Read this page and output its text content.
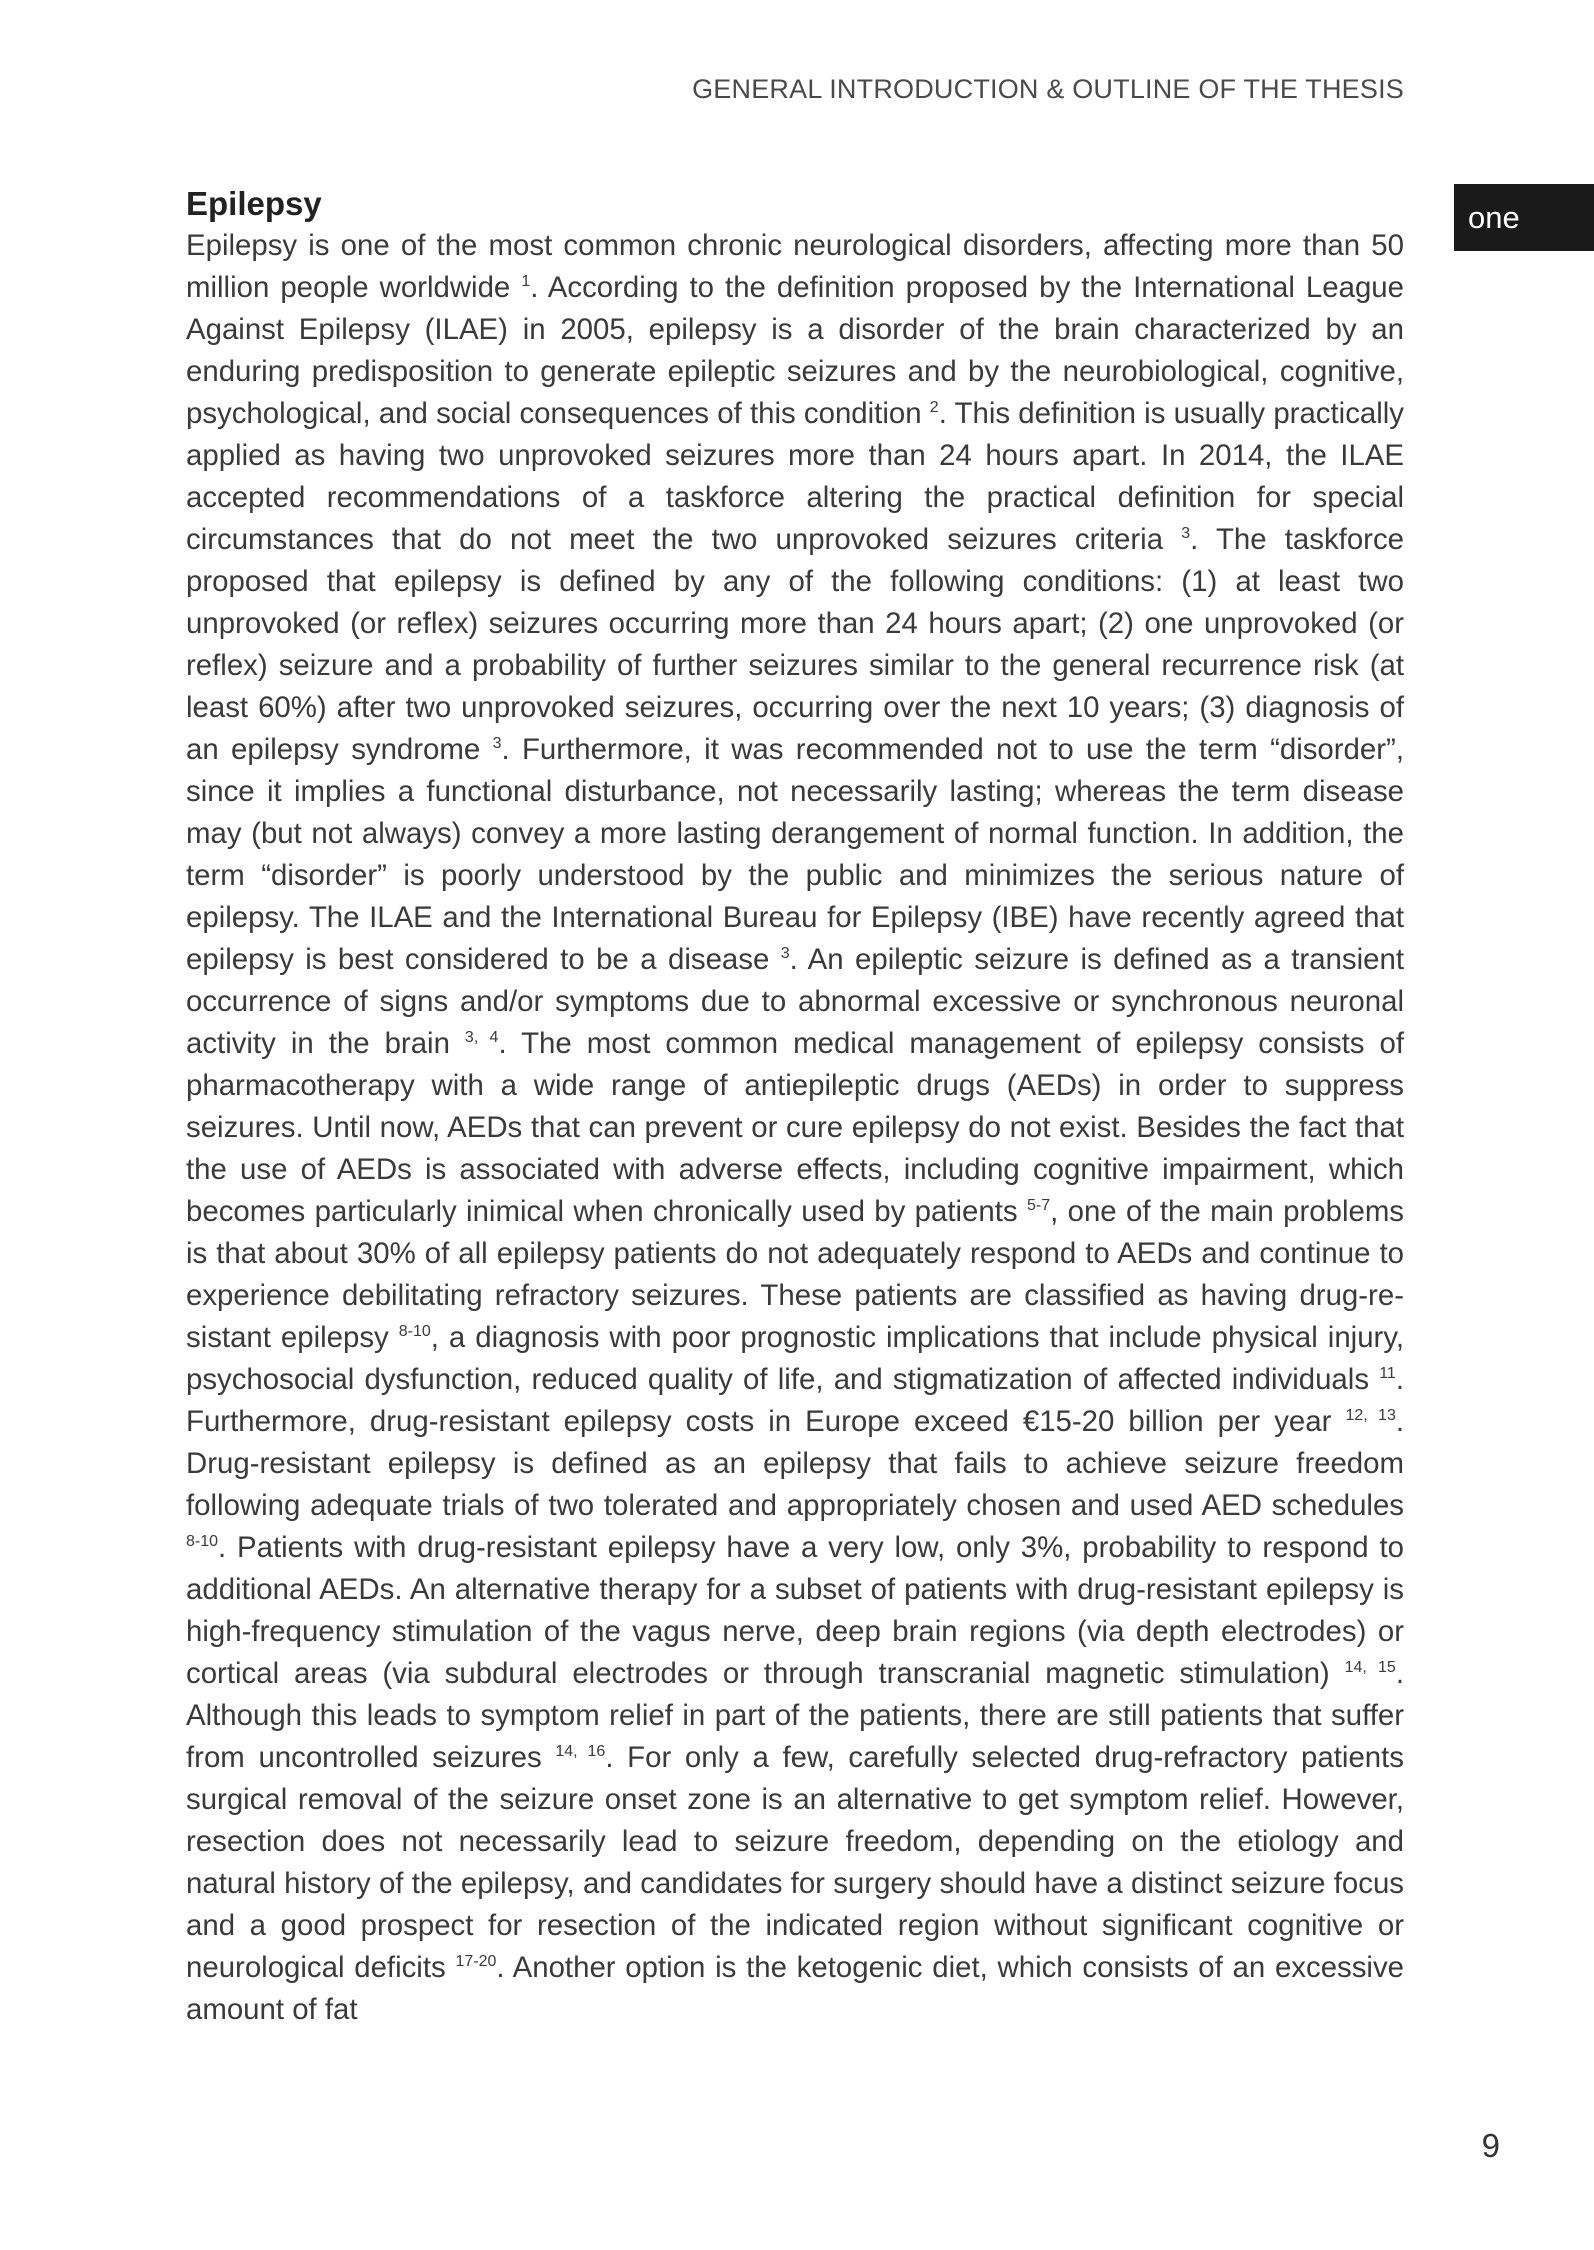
GENERAL INTRODUCTION & OUTLINE OF THE THESIS
one
Epilepsy

Epilepsy is one of the most common chronic neurological disorders, affecting more than 50 million people worldwide $^1$. According to the definition proposed by the International League Against Epilepsy (ILAE) in 2005, epilepsy is a disorder of the brain characterized by an enduring predisposition to generate epileptic seizures and by the neurobiological, cognitive, psychological, and social consequences of this condition $^2$. This definition is usually practically applied as having two unprovoked seizures more than 24 hours apart. In 2014, the ILAE accepted recommendations of a taskforce altering the practical definition for special circumstances that do not meet the two unprovoked seizures criteria $^3$. The taskforce proposed that epilepsy is defined by any of the following conditions: (1) at least two unprovoked (or reflex) seizures occurring more than 24 hours apart; (2) one unprovoked (or reflex) seizure and a probability of further seizures similar to the general recurrence risk (at least 60%) after two unprovoked seizures, occurring over the next 10 years; (3) diagnosis of an epilepsy syndrome $^3$. Furthermore, it was recommended not to use the term “disorder”, since it implies a functional disturbance, not necessarily lasting; whereas the term disease may (but not always) convey a more lasting derangement of normal function. In addition, the term “disorder” is poorly understood by the public and minimizes the serious nature of epilepsy. The ILAE and the International Bureau for Epilepsy (IBE) have recently agreed that epilepsy is best considered to be a disease $^3$. An epileptic seizure is defined as a transient occurrence of signs and/or symptoms due to abnormal excessive or synchronous neuronal activity in the brain $^{3, 4}$. The most common medical management of epilepsy consists of pharmacotherapy with a wide range of antiepileptic drugs (AEDs) in order to suppress seizures. Until now, AEDs that can prevent or cure epilepsy do not exist. Besides the fact that the use of AEDs is associated with adverse effects, including cognitive impairment, which becomes particularly inimical when chronically used by patients $^{5-7}$, one of the main problems is that about 30% of all epilepsy patients do not adequately respond to AEDs and continue to experience debilitating refractory seizures. These patients are classified as having drug-resistant epilepsy $^{8-10}$, a diagnosis with poor prognostic implications that include physical injury, psychosocial dysfunction, reduced quality of life, and stigmatization of affected individuals $^{11}$. Furthermore, drug-resistant epilepsy costs in Europe exceed €15-20 billion per year $^{12, 13}$. Drug-resistant epilepsy is defined as an epilepsy that fails to achieve seizure freedom following adequate trials of two tolerated and appropriately chosen and used AED schedules $^{8-10}$. Patients with drug-resistant epilepsy have a very low, only 3%, probability to respond to additional AEDs. An alternative therapy for a subset of patients with drug-resistant epilepsy is high-frequency stimulation of the vagus nerve, deep brain regions (via depth electrodes) or cortical areas (via subdural electrodes or through transcranial magnetic stimulation) $^{14, 15}$. Although this leads to symptom relief in part of the patients, there are still patients that suffer from uncontrolled seizures $^{14, 16}$. For only a few, carefully selected drug-refractory patients surgical removal of the seizure onset zone is an alternative to get symptom relief. However, resection does not necessarily lead to seizure freedom, depending on the etiology and natural history of the epilepsy, and candidates for surgery should have a distinct seizure focus and a good prospect for resection of the indicated region without significant cognitive or neurological deficits $^{17-20}$. Another option is the ketogenic diet, which consists of an excessive amount of fat

9
